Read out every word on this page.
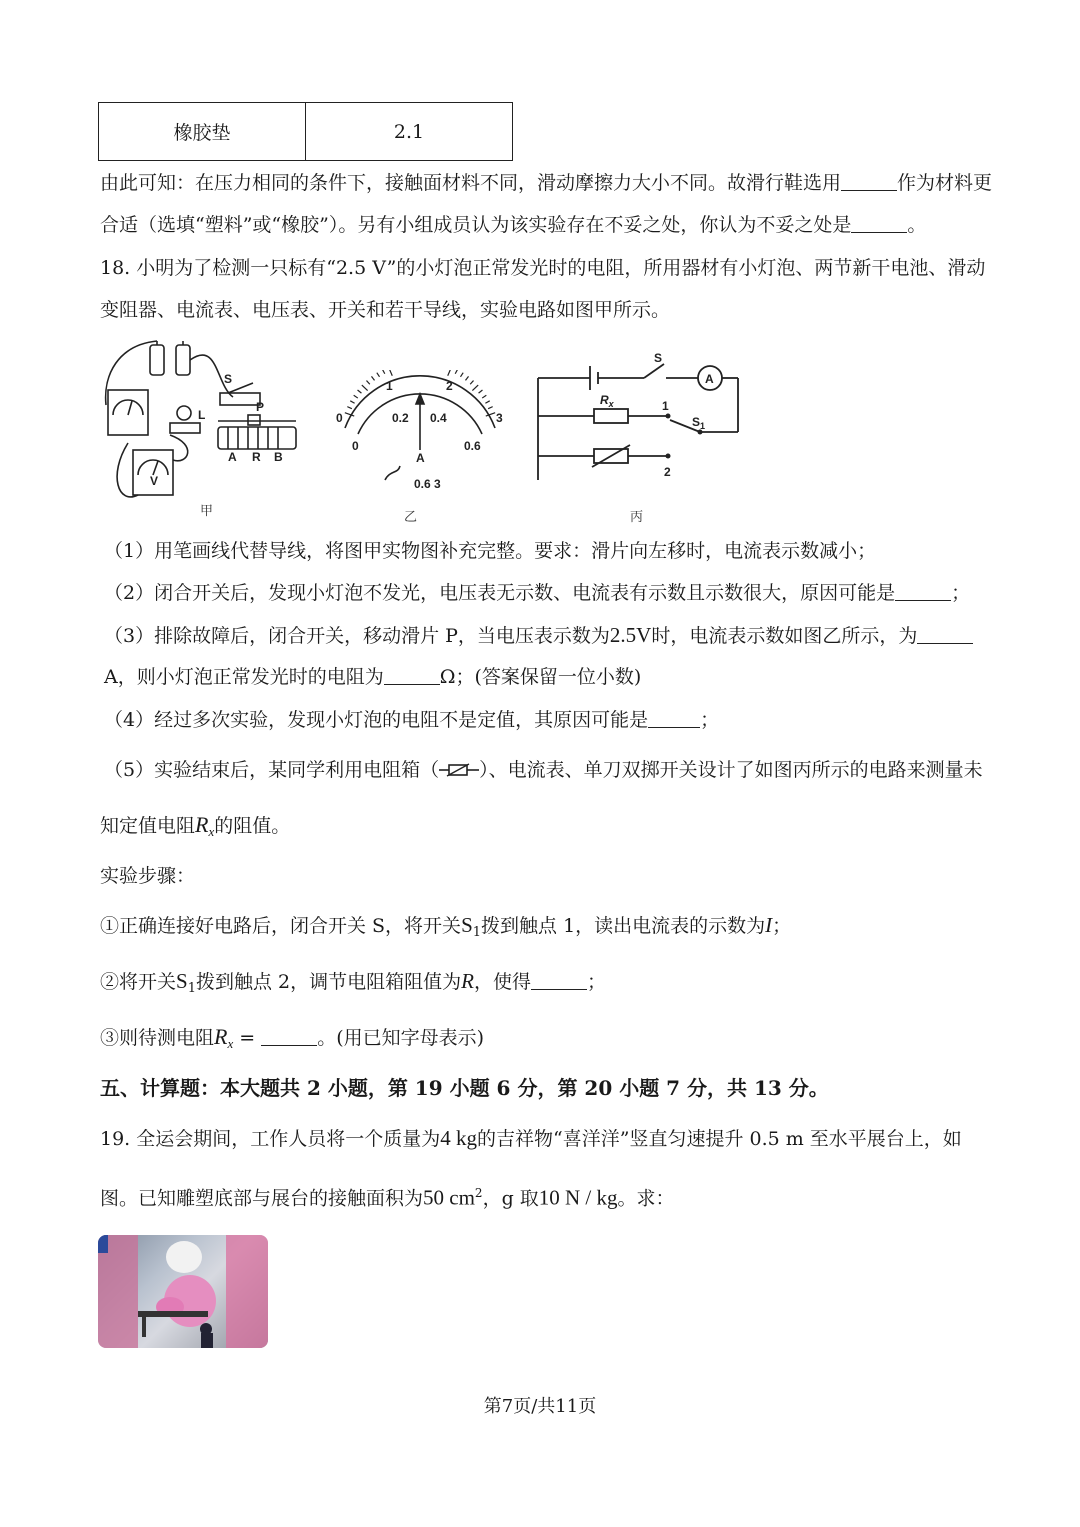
橡胶垫	2.1
由此可知：在压力相同的条件下，接触面材料不同，滑动摩擦力大小不同。故滑行鞋选用	作为材料更
合适（选填“塑料”或“橡胶”）。另有小组成员认为该实验存在不妥之处，你认为不妥之处是	。
18. 小明为了检测一只标有“2.5 V”的小灯泡正常发光时的电阻，所用器材有小灯泡、两节新干电池、滑动
变阻器、电流表、电压表、开关和若干导线，实验电路如图甲所示。
S
L
P
A R B
V
甲
0
1	2
3
0
0.2 0.4
0.6
A
0.6 3
乙
S
A
$R_x$	1
$S_1$
2
丙
（1）用笔画线代替导线，将图甲实物图补充完整。要求：滑片向左移时，电流表示数减小；
（2）闭合开关后，发现小灯泡不发光，电压表无示数、电流表有示数且示数很大，原因可能是	；
（3）排除故障后，闭合开关，移动滑片 P，当电压表示数为2.5V时，电流表示数如图乙所示，为
A，则小灯泡正常发光时的电阻为	Ω；(答案保留一位小数)
（4）经过多次实验，发现小灯泡的电阻不是定值，其原因可能是	；
（5）实验结束后，某同学利用电阻箱（ ）、电流表、单刀双掷开关设计了如图丙所示的电路来测量未
知定值电阻$R_x$的阻值。
实验步骤：
①正确连接好电路后，闭合开关 S，将开关$S_1$拨到触点 1，读出电流表的示数为I；
②将开关$S_1$拨到触点 2，调节电阻箱阻值为R，使得	；
③则待测电阻$R_x$ =	。(用已知字母表示)
五、计算题：本大题共 2 小题，第 19 小题 6 分，第 20 小题 7 分，共 13 分。
19. 全运会期间，工作人员将一个质量为4 kg的吉祥物“喜洋洋”竖直匀速提升 0.5 m 至水平展台上，如
图。已知雕塑底部与展台的接触面积为50 $cm^2$，g 取10 N / kg。求：
第7页/共11页
